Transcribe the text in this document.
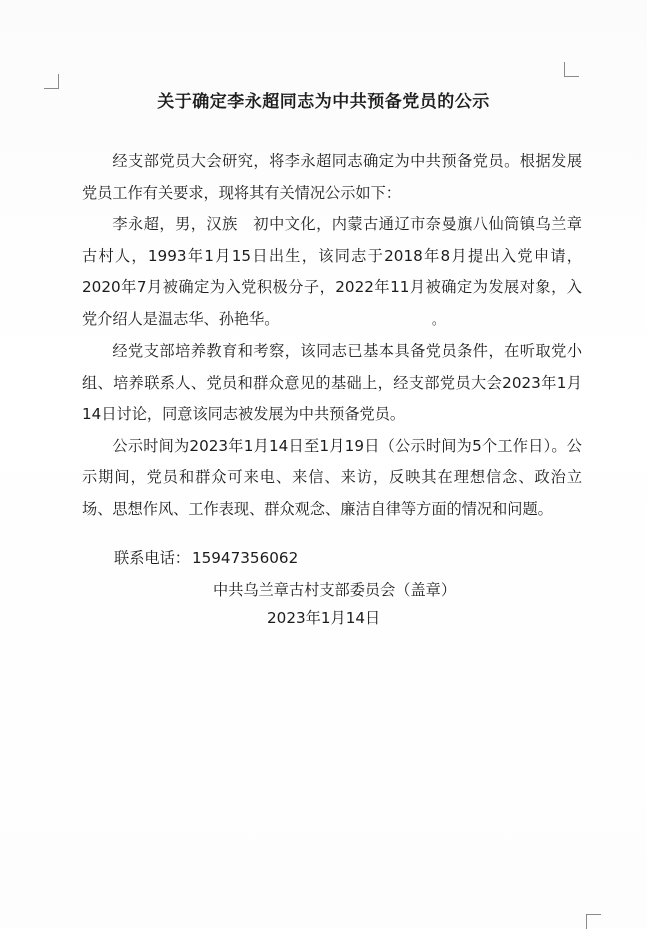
关于确定李永超同志为中共预备党员的公示

经支部党员大会研究，将李永超同志确定为中共预备党员。根据发展党员工作有关要求，现将其有关情况公示如下：

李永超，男，汉族　初中文化，内蒙古通辽市奈曼旗八仙筒镇乌兰章古村人，1993年1月15日出生，该同志于2018年8月提出入党申请，2020年7月被确定为入党积极分子，2022年11月被确定为发展对象，入党介绍人是温志华、孙艳华。	。

经党支部培养教育和考察，该同志已基本具备党员条件，在听取党小组、培养联系人、党员和群众意见的基础上，经支部党员大会2023年1月14日讨论，同意该同志被发展为中共预备党员。

公示时间为2023年1月14日至1月19日（公示时间为5个工作日）。公示期间，党员和群众可来电、来信、来访，反映其在理想信念、政治立场、思想作风、工作表现、群众观念、廉洁自律等方面的情况和问题。

联系电话： 15947356062
中共乌兰章古村支部委员会（盖章）
2023年1月14日
